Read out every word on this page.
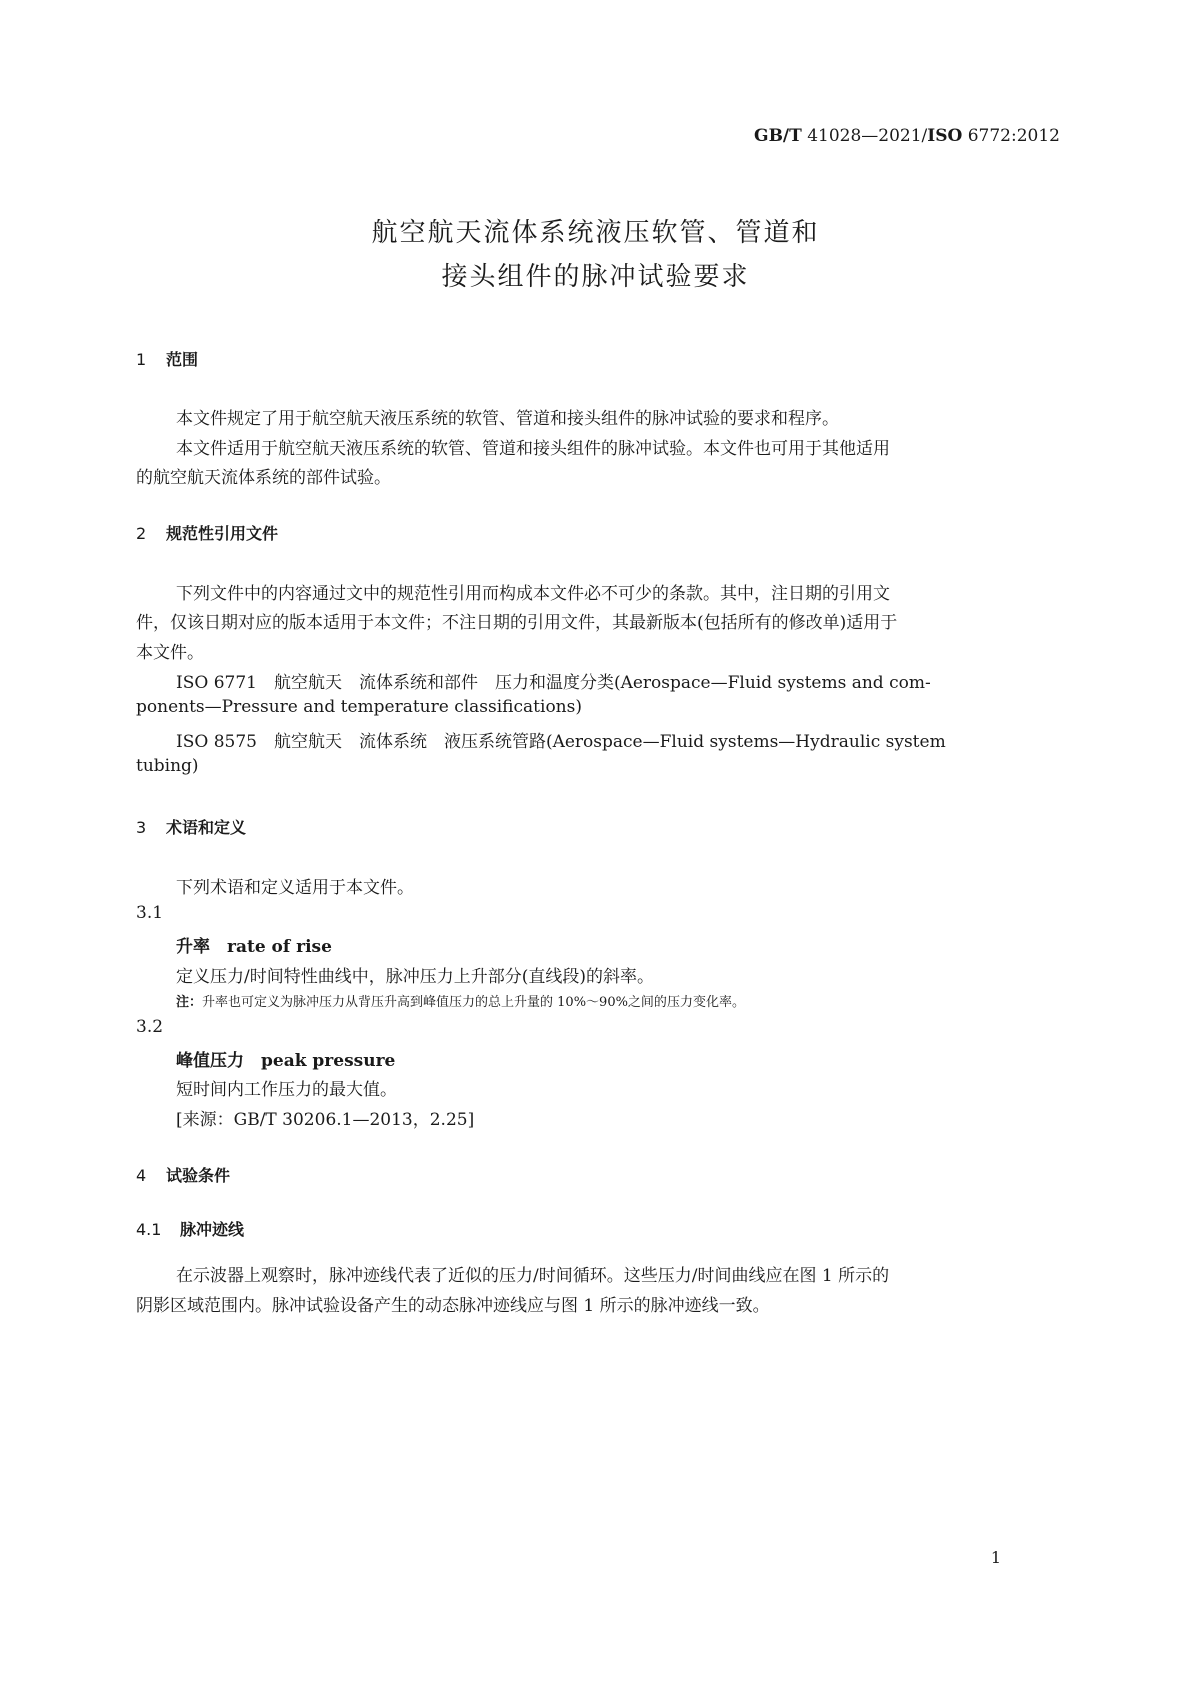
GB/T 41028—2021/ISO 6772:2012
航空航天流体系统液压软管、管道和
接头组件的脉冲试验要求
1 范围
本文件规定了用于航空航天液压系统的软管、管道和接头组件的脉冲试验的要求和程序。
本文件适用于航空航天液压系统的软管、管道和接头组件的脉冲试验。本文件也可用于其他适用
的航空航天流体系统的部件试验。
2 规范性引用文件
下列文件中的内容通过文中的规范性引用而构成本文件必不可少的条款。其中，注日期的引用文
件，仅该日期对应的版本适用于本文件；不注日期的引用文件，其最新版本(包括所有的修改单)适用于
本文件。
ISO 6771　航空航天　流体系统和部件　压力和温度分类(Aerospace—Fluid systems and com-
ponents—Pressure and temperature classifications)
ISO 8575　航空航天　流体系统　液压系统管路(Aerospace—Fluid systems—Hydraulic system
tubing)
3 术语和定义
下列术语和定义适用于本文件。
3.1
升率　rate of rise
定义压力/时间特性曲线中，脉冲压力上升部分(直线段)的斜率。
注：升率也可定义为脉冲压力从背压升高到峰值压力的总上升量的 10%～90%之间的压力变化率。
3.2
峰值压力　peak pressure
短时间内工作压力的最大值。
[来源：GB/T 30206.1—2013，2.25]
4 试验条件
4.1 脉冲迹线
在示波器上观察时，脉冲迹线代表了近似的压力/时间循环。这些压力/时间曲线应在图 1 所示的
阴影区域范围内。脉冲试验设备产生的动态脉冲迹线应与图 1 所示的脉冲迹线一致。
1
